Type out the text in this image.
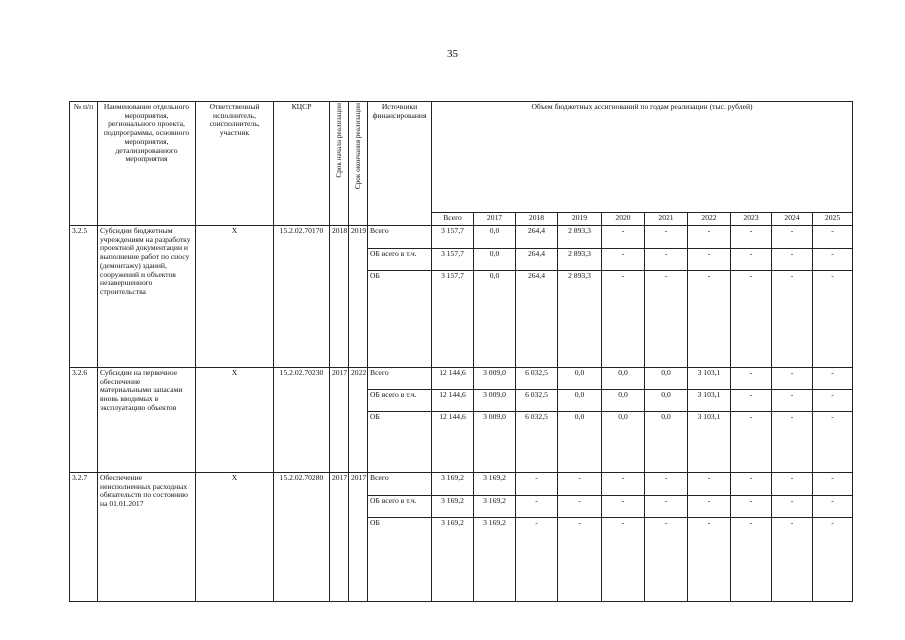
35
№ п/п	Наименование отдельного мероприятия, регионального проекта, подпрограммы, основного мероприятия, детализированного мероприятия	Ответственный исполнитель, соисполнитель, участник	КЦСР	Срок начала реализации	Срок окончания реализации	Источники финансирования	Объем бюджетных ассигнований по годам реализации (тыс. рублей)									
							Всего	2017	2018	2019	2020	2021	2022	2023	2024	2025
3.2.5	Субсидии бюджетным учреждениям на разработку проектной документации и выполнение работ по сносу (демонтажу) зданий, сооружений и объектов незавершенного строительства	X	15.2.02.70170	2018	2019	Всего	3 157,7	0,0	264,4	2 893,3	-	-	-	-	-	-
						ОБ всего в т.ч.	3 157,7	0,0	264,4	2 893,3	-	-	-	-	-	-
						ОБ	3 157,7	0,0	264,4	2 893,3	-	-	-	-	-	-
3.2.6	Субсидии на первичное обеспечение материальными запасами вновь вводимых в эксплуатацию объектов	X	15.2.02.70230	2017	2022	Всего	12 144,6	3 009,0	6 032,5	0,0	0,0	0,0	3 103,1	-	-	-
						ОБ всего в т.ч.	12 144,6	3 009,0	6 032,5	0,0	0,0	0,0	3 103,1	-	-	-
						ОБ	12 144,6	3 009,0	6 032,5	0,0	0,0	0,0	3 103,1	-	-	-
3.2.7	Обеспечение неисполненных расходных обязательств по состоянию на 01.01.2017	X	15.2.02.70280	2017	2017	Всего	3 169,2	3 169,2	-	-	-	-	-	-	-	-
						ОБ всего в т.ч.	3 169,2	3 169,2	-	-	-	-	-	-	-	-
						ОБ	3 169,2	3 169,2	-	-	-	-	-	-	-	-
